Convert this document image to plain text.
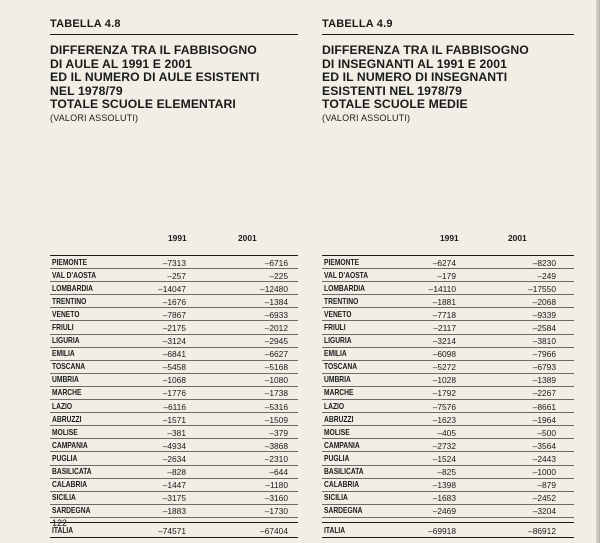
TABELLA 4.8
DIFFERENZA TRA IL FABBISOGNO
DI AULE AL 1991 E 2001
ED IL NUMERO DI AULE ESISTENTI
NEL 1978/79
TOTALE SCUOLE ELEMENTARI
(VALORI ASSOLUTI)
1991	2001
PIEMONTE	–7313	–6716
VAL D'AOSTA	–257	–225
LOMBARDIA	–14047	–12480
TRENTINO	–1676	–1384
VENETO	–7867	–6933
FRIULI	–2175	–2012
LIGURIA	–3124	–2945
EMILIA	–6841	–6627
TOSCANA	–5458	–5168
UMBRIA	–1068	–1080
MARCHE	–1776	–1738
LAZIO	–6116	–5316
ABRUZZI	–1571	–1509
MOLISE	–381	–379
CAMPANIA	–4934	–3868
PUGLIA	–2634	–2310
BASILICATA	–828	–644
CALABRIA	–1447	–1180
SICILIA	–3175	–3160
SARDEGNA	–1883	–1730
ITALIA	–74571	–67404
TABELLA 4.9
DIFFERENZA TRA IL FABBISOGNO
DI INSEGNANTI AL 1991 E 2001
ED IL NUMERO DI INSEGNANTI
ESISTENTI NEL 1978/79
TOTALE SCUOLE MEDIE
(VALORI ASSOLUTI)
1991	2001
PIEMONTE	–6274	–8230
VAL D'AOSTA	–179	–249
LOMBARDIA	–14110	–17550
TRENTINO	–1881	–2068
VENETO	–7718	–9339
FRIULI	–2117	–2584
LIGURIA	–3214	–3810
EMILIA	–6098	–7966
TOSCANA	–5272	–6793
UMBRIA	–1028	–1389
MARCHE	–1792	–2267
LAZIO	–7576	–8661
ABRUZZI	–1623	–1964
MOLISE	–405	–500
CAMPANIA	–2732	–3564
PUGLIA	–1524	–2443
BASILICATA	–825	–1000
CALABRIA	–1398	–879
SICILIA	–1683	–2452
SARDEGNA	–2469	–3204
ITALIA	–69918	–86912
122
